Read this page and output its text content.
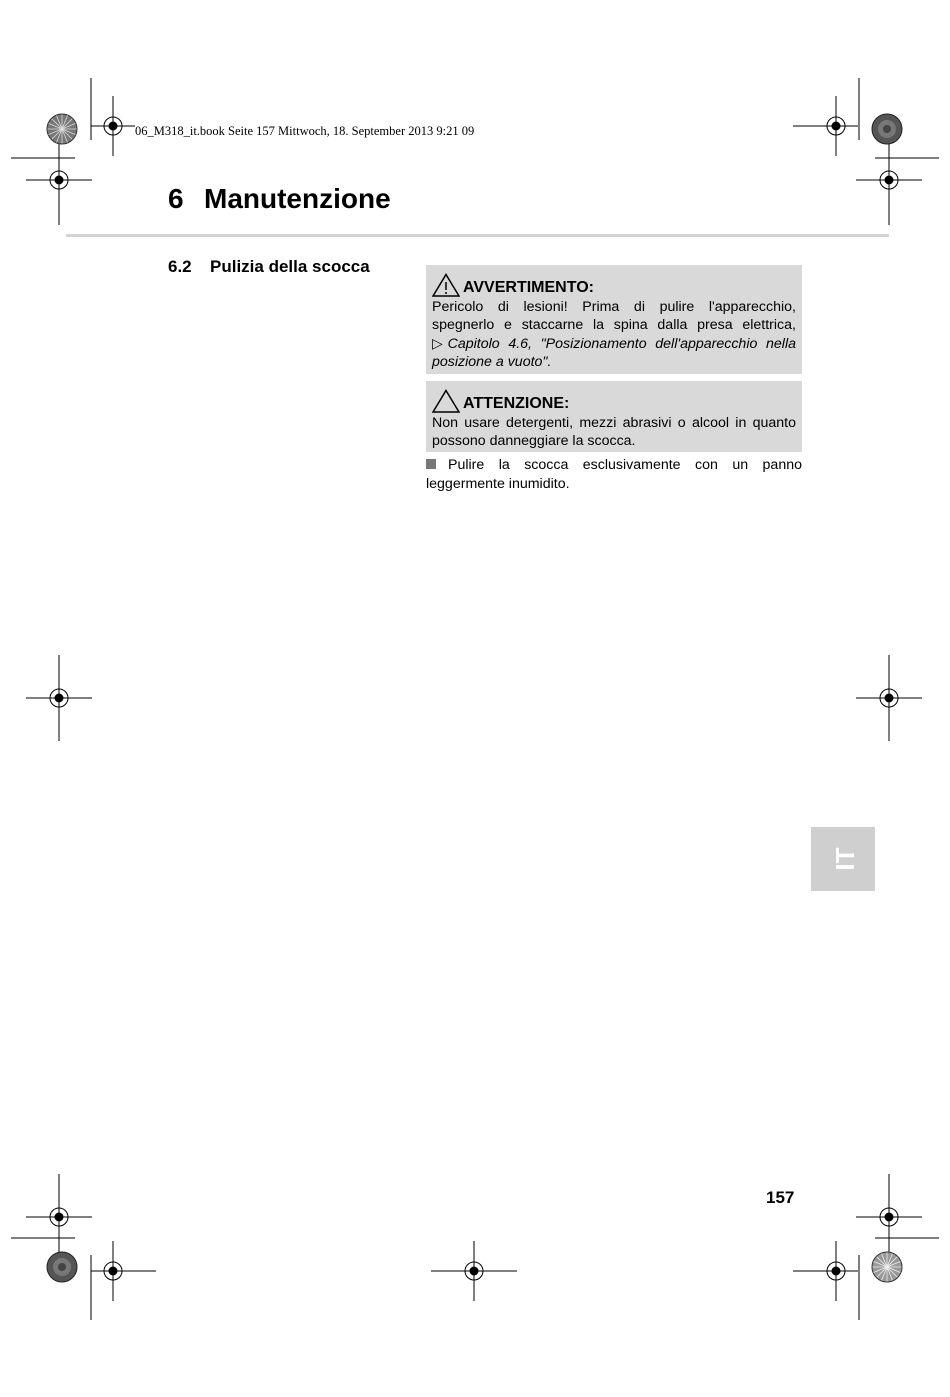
06_M318_it.book Seite 157 Mittwoch, 18. September 2013 9:21 09
6 Manutenzione
6.2 Pulizia della scocca
AVVERTIMENTO:
Pericolo di lesioni! Prima di pulire l'apparecchio, spegnerlo e staccarne la spina dalla presa elettrica, ▷Capitolo 4.6, "Posizionamento dell'apparecchio nella posizione a vuoto".
ATTENZIONE:
Non usare detergenti, mezzi abrasivi o alcool in quanto possono danneggiare la scocca.
Pulire la scocca esclusivamente con un panno leggermente inumidito.
IT
157
